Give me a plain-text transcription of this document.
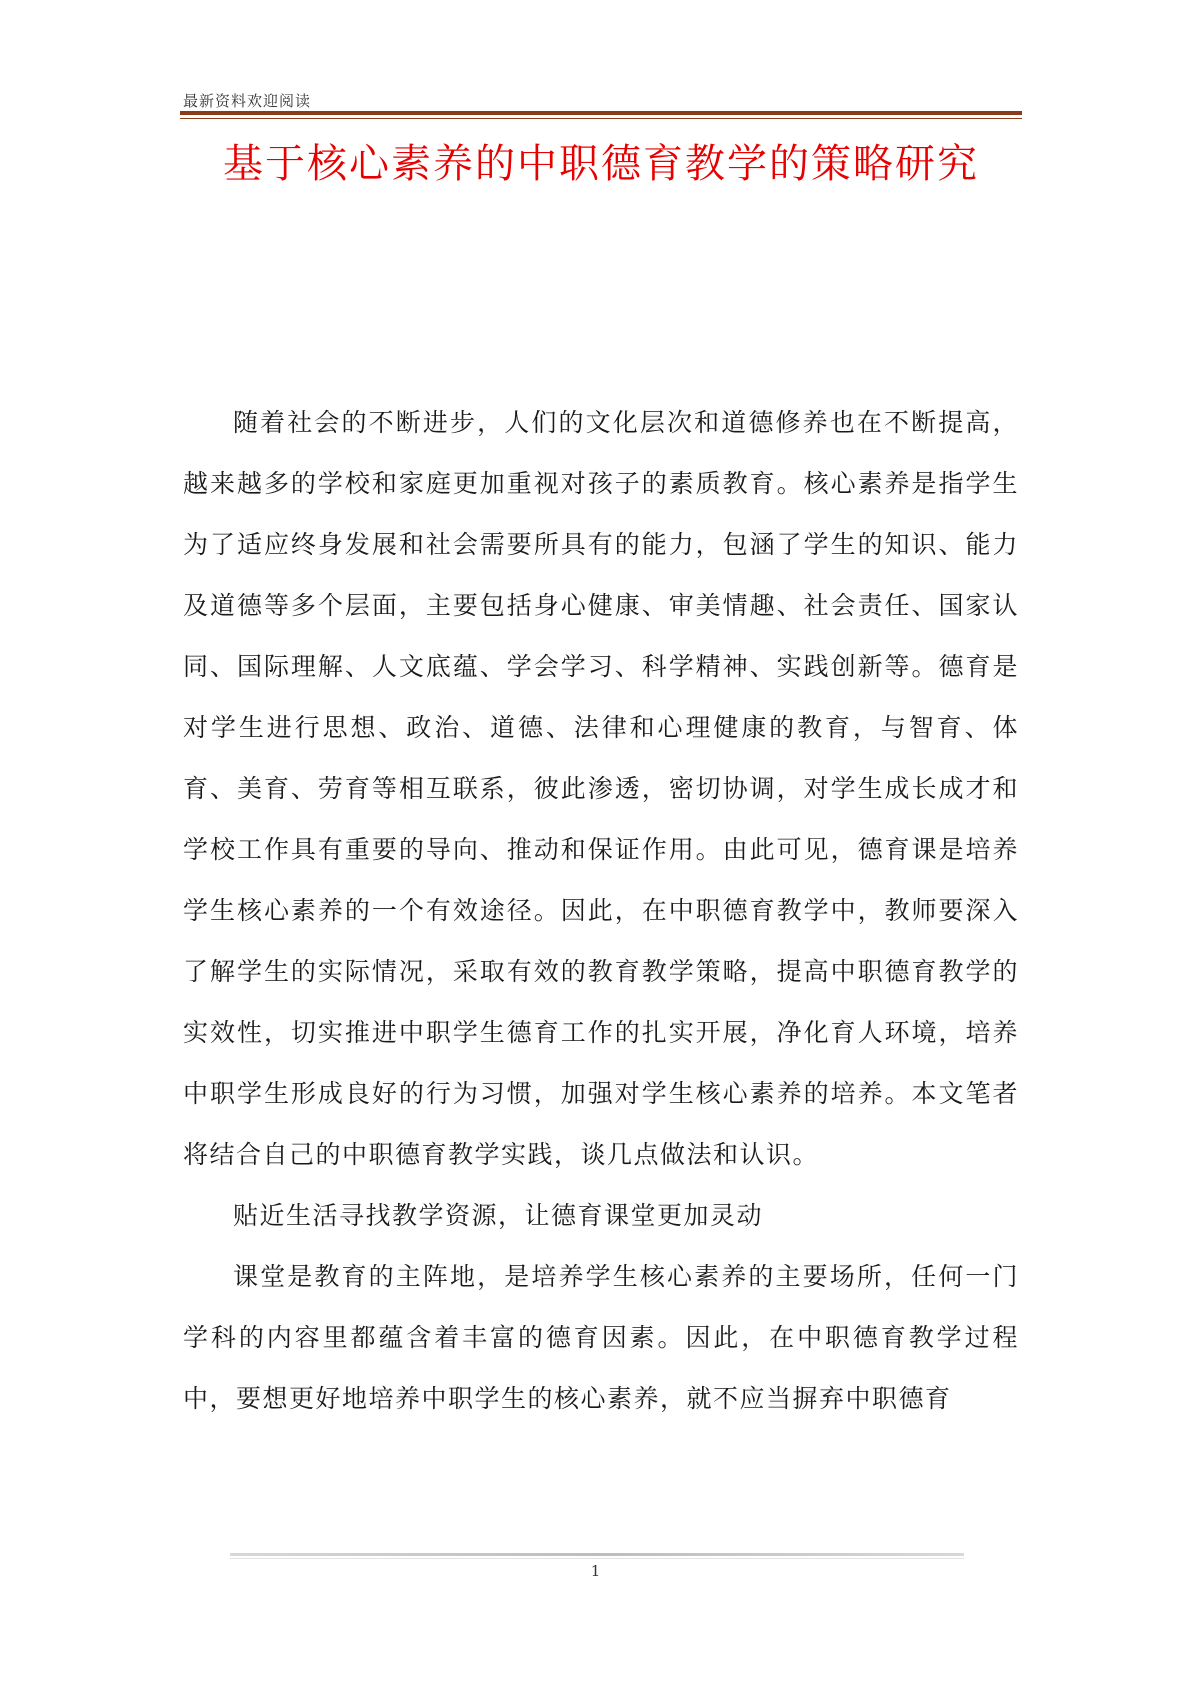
最新资料欢迎阅读
基于核心素养的中职德育教学的策略研究

随着社会的不断进步，人们的文化层次和道德修养也在不断提高，越来越多的学校和家庭更加重视对孩子的素质教育。核心素养是指学生为了适应终身发展和社会需要所具有的能力，包涵了学生的知识、能力及道德等多个层面，主要包括身心健康、审美情趣、社会责任、国家认同、国际理解、人文底蕴、学会学习、科学精神、实践创新等。德育是对学生进行思想、政治、道德、法律和心理健康的教育，与智育、体育、美育、劳育等相互联系，彼此渗透，密切协调，对学生成长成才和学校工作具有重要的导向、推动和保证作用。由此可见，德育课是培养学生核心素养的一个有效途径。因此，在中职德育教学中，教师要深入了解学生的实际情况，采取有效的教育教学策略，提高中职德育教学的实效性，切实推进中职学生德育工作的扎实开展，净化育人环境，培养中职学生形成良好的行为习惯，加强对学生核心素养的培养。本文笔者将结合自己的中职德育教学实践，谈几点做法和认识。

贴近生活寻找教学资源，让德育课堂更加灵动

课堂是教育的主阵地，是培养学生核心素养的主要场所，任何一门学科的内容里都蕴含着丰富的德育因素。因此，在中职德育教学过程中，要想更好地培养中职学生的核心素养，就不应当摒弃中职德育

1
